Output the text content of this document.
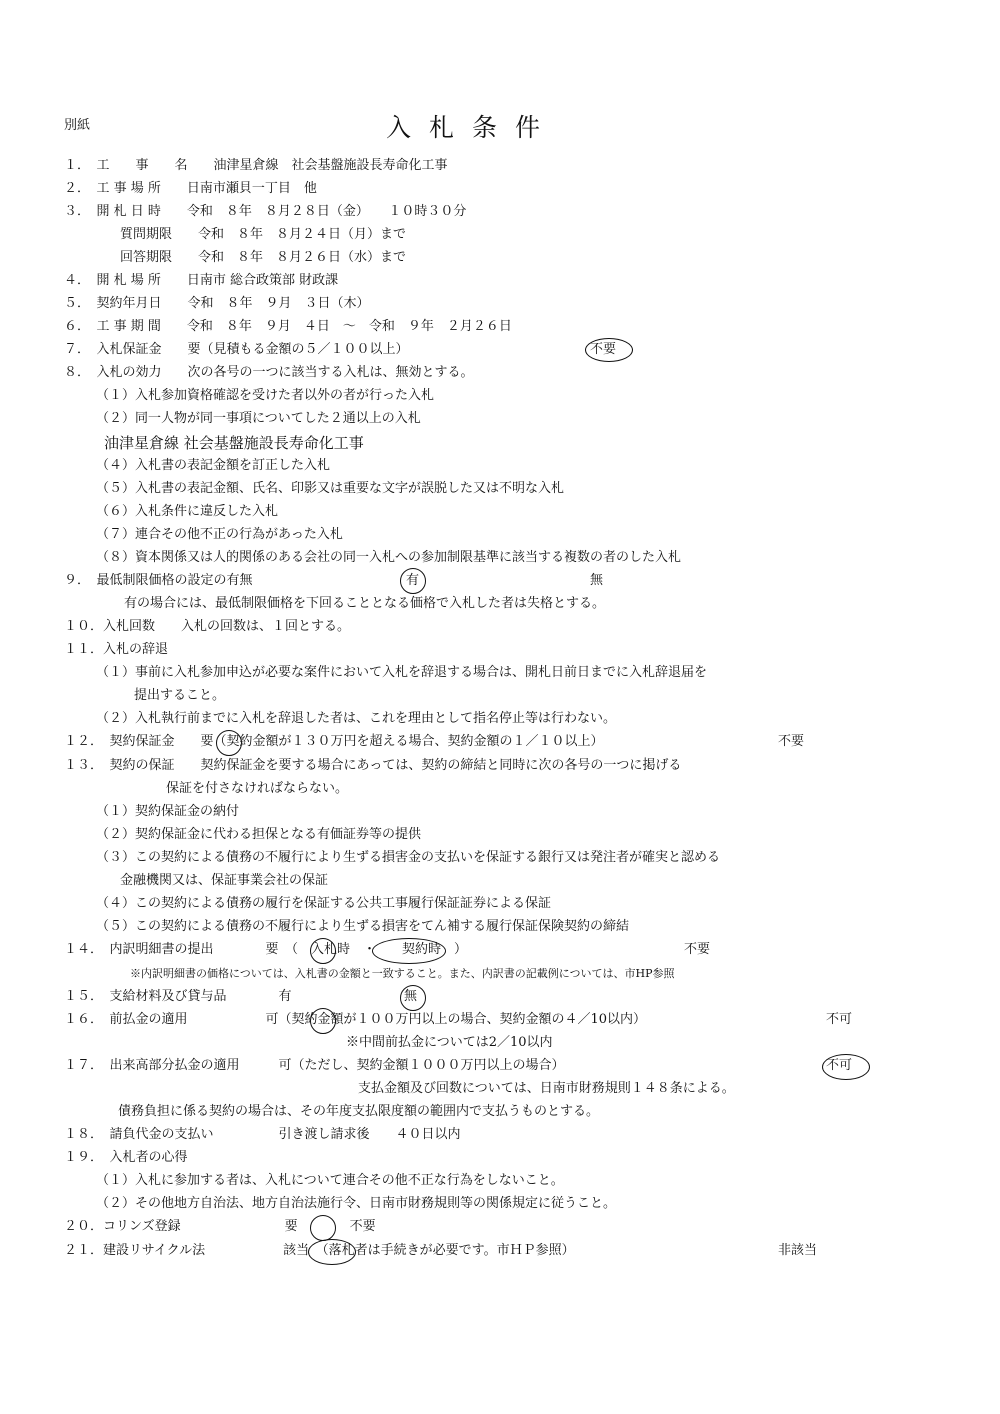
別紙	入札条件
１．　工　　事　　名　　油津星倉線　社会基盤施設長寿命化工事
２．　工 事 場 所　　日南市瀬貝一丁目　他
３．　開 札 日 時　　令和　８年　８月２８日（金）　　１０時３０分
質問期限　　令和　８年　８月２４日（月）まで
回答期限　　令和　８年　８月２６日（水）まで
４．　開 札 場 所　　日南市 総合政策部 財政課
５．　契約年月日　　令和　８年　９月　３日（木）
６．　工 事 期 間　　令和　８年　９月　４日　～　令和　９年　２月２６日
７．　入札保証金　　要（見積もる金額の５／１００以上）
８．　入札の効力　　次の各号の一つに該当する入札は、無効とする。
（１）入札参加資格確認を受けた者以外の者が行った入札
（２）同一人物が同一事項についてした２通以上の入札
油津星倉線 社会基盤施設長寿命化工事
（４）入札書の表記金額を訂正した入札
（５）入札書の表記金額、氏名、印影又は重要な文字が誤脱した又は不明な入札
（６）入札条件に違反した入札
（７）連合その他不正の行為があった入札
（８）資本関係又は人的関係のある会社の同一入札への参加制限基準に該当する複数の者のした入札
９．　最低制限価格の設定の有無
有の場合には、最低制限価格を下回ることとなる価格で入札した者は失格とする。
１０．入札回数　　入札の回数は、１回とする。
１１．入札の辞退
（１）事前に入札参加申込が必要な案件において入札を辞退する場合は、開札日前日までに入札辞退届を
提出すること。
（２）入札執行前までに入札を辞退した者は、これを理由として指名停止等は行わない。
１２．　契約保証金　　要（契約金額が１３０万円を超える場合、契約金額の１／１０以上）
１３．　契約の保証　　契約保証金を要する場合にあっては、契約の締結と同時に次の各号の一つに掲げる
保証を付さなければならない。
（１）契約保証金の納付
（２）契約保証金に代わる担保となる有価証券等の提供
（３）この契約による債務の不履行により生ずる損害金の支払いを保証する銀行又は発注者が確実と認める
金融機関又は、保証事業会社の保証
（４）この契約による債務の履行を保証する公共工事履行保証証券による保証
（５）この契約による債務の不履行により生ずる損害をてん補する履行保証保険契約の締結
１４．　内訳明細書の提出　　　　要　（　入札時　・　　契約時　）
※内訳明細書の価格については、入札書の金額と一致すること。また、内訳書の記載例については、市HP参照
１５．　支給材料及び貸与品　　　　有
１６．　前払金の適用　　　　　　可（契約金額が１００万円以上の場合、契約金額の４／10以内）
※中間前払金については2／10以内
１７．　出来高部分払金の適用　　　可（ただし、契約金額１０００万円以上の場合）
支払金額及び回数については、日南市財務規則１４８条による。
債務負担に係る契約の場合は、その年度支払限度額の範囲内で支払うものとする。
１８．　請負代金の支払い　　　　　引き渡し請求後　　４０日以内
１９．　入札者の心得
（１）入札に参加する者は、入札について連合その他不正な行為をしないこと。
（２）その他地方自治法、地方自治法施行令、日南市財務規則等の関係規定に従うこと。
２０．コリンズ登録　　　　　　　　要　　　　不要
２１．建設リサイクル法　　　　　　該当　（落札者は手続きが必要です。市ＨＰ参照）
不要
有	無
不要
不要
無
不可
不可
非該当
